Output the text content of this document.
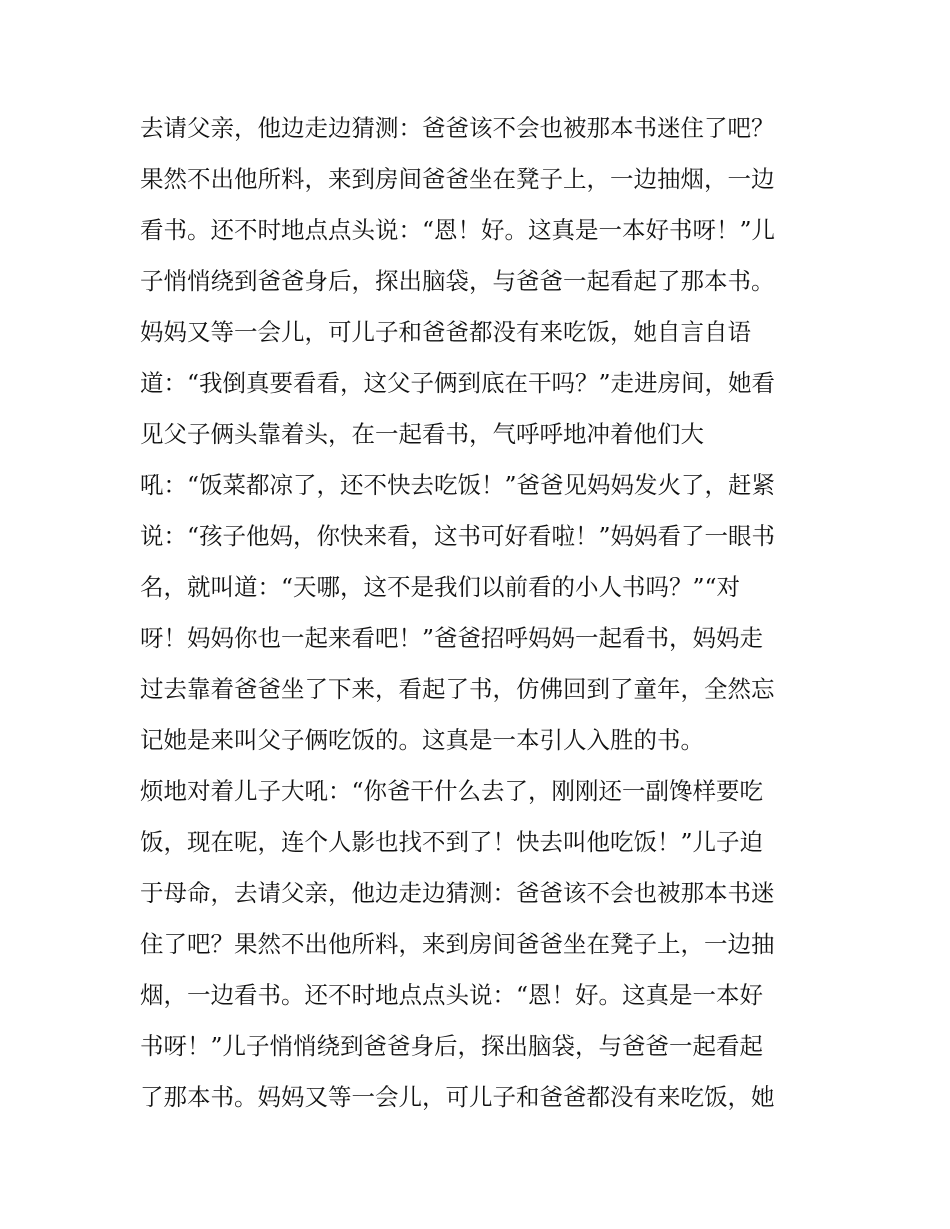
去请父亲，他边走边猜测：爸爸该不会也被那本书迷住了吧？
果然不出他所料，来到房间爸爸坐在凳子上，一边抽烟，一边
看书。还不时地点点头说：“恩！好。这真是一本好书呀！”儿
子悄悄绕到爸爸身后，探出脑袋，与爸爸一起看起了那本书。
妈妈又等一会儿，可儿子和爸爸都没有来吃饭，她自言自语
道：“我倒真要看看，这父子俩到底在干吗？”走进房间，她看
见父子俩头靠着头，在一起看书，气呼呼地冲着他们大
吼：“饭菜都凉了，还不快去吃饭！”爸爸见妈妈发火了，赶紧
说：“孩子他妈，你快来看，这书可好看啦！”妈妈看了一眼书
名，就叫道：“天哪，这不是我们以前看的小人书吗？”“对
呀！妈妈你也一起来看吧！”爸爸招呼妈妈一起看书，妈妈走
过去靠着爸爸坐了下来，看起了书，仿佛回到了童年，全然忘
记她是来叫父子俩吃饭的。这真是一本引人入胜的书。
烦地对着儿子大吼：“你爸干什么去了，刚刚还一副馋样要吃
饭，现在呢，连个人影也找不到了！快去叫他吃饭！”儿子迫
于母命，去请父亲，他边走边猜测：爸爸该不会也被那本书迷
住了吧？果然不出他所料，来到房间爸爸坐在凳子上，一边抽
烟，一边看书。还不时地点点头说：“恩！好。这真是一本好
书呀！”儿子悄悄绕到爸爸身后，探出脑袋，与爸爸一起看起
了那本书。妈妈又等一会儿，可儿子和爸爸都没有来吃饭，她
